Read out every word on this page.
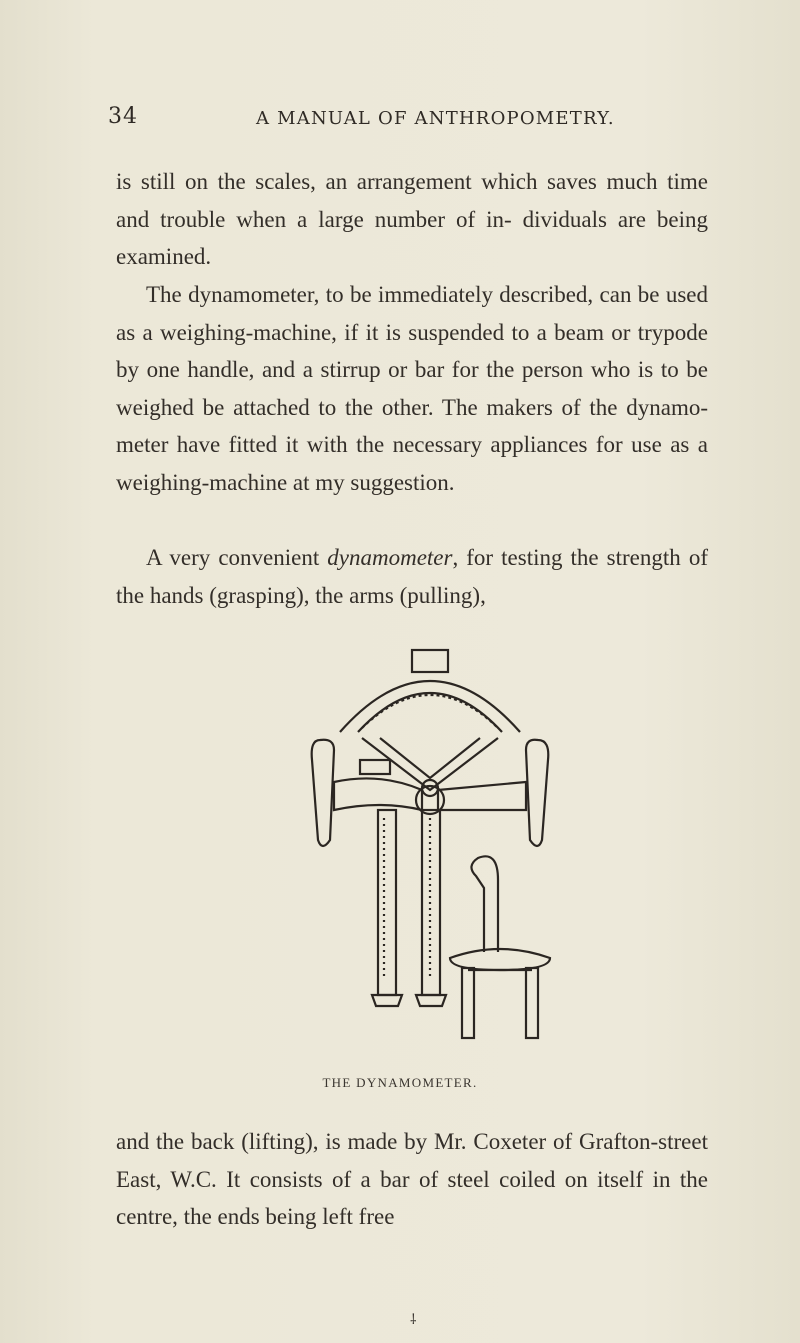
34	A MANUAL OF ANTHROPOMETRY.

is still on the scales, an arrangement which saves much time and trouble when a large number of in- dividuals are being examined.

The dynamometer, to be immediately described, can be used as a weighing-machine, if it is suspended to a beam or trypode by one handle, and a stirrup or bar for the person who is to be weighed be attached to the other. The makers of the dynamo- meter have fitted it with the necessary appliances for use as a weighing-machine at my suggestion.

A very convenient dynamometer, for testing the strength of the hands (grasping), the arms (pulling),

THE DYNAMOMETER.

and the back (lifting), is made by Mr. Coxeter of Grafton-street East, W.C. It consists of a bar of steel coiled on itself in the centre, the ends being left free

⸸
